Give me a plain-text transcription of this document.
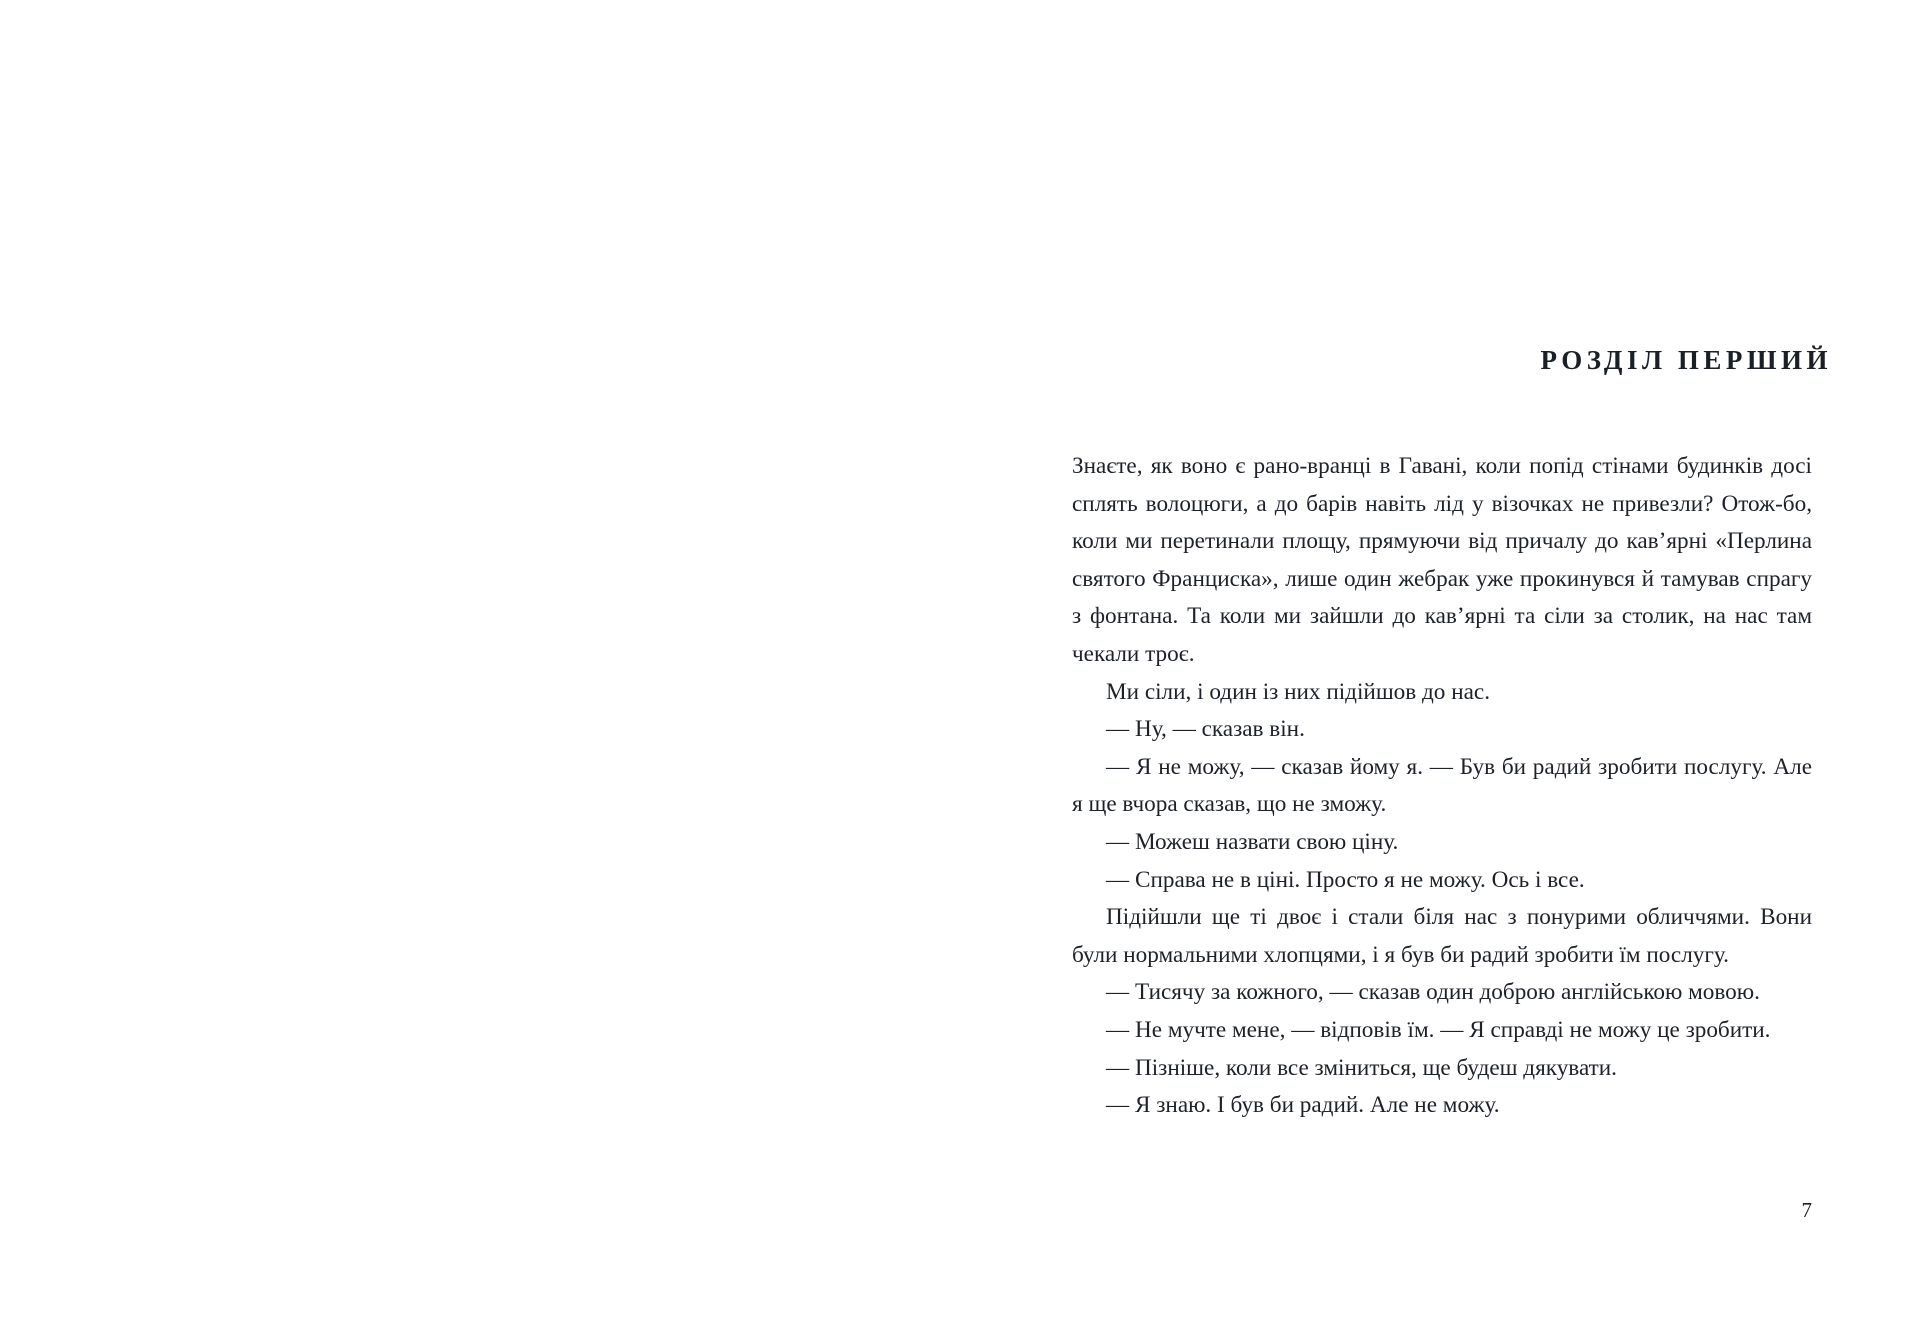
РОЗДІЛ ПЕРШИЙ

Знаєте, як воно є рано-вранці в Гавані, коли попід стінами будинків досі сплять волоцюги, а до барів навіть лід у візочках не привезли? Отож-бо, коли ми перетинали площу, прямуючи від причалу до кав’ярні «Перлина святого Франциска», лише один жебрак уже прокинувся й тамував спрагу з фонтана. Та коли ми зайшли до кав’ярні та сіли за столик, на нас там чекали троє.

Ми сіли, і один із них підійшов до нас.

— Ну, — сказав він.

— Я не можу, — сказав йому я. — Був би радий зробити послугу. Але я ще вчора сказав, що не зможу.

— Можеш назвати свою ціну.

— Справа не в ціні. Просто я не можу. Ось і все.

Підійшли ще ті двоє і стали біля нас з понурими обличчями. Вони були нормальними хлопцями, і я був би радий зробити їм послугу.

— Тисячу за кожного, — сказав один доброю англійською мовою.

— Не мучте мене, — відповів їм. — Я справді не можу це зробити.

— Пізніше, коли все зміниться, ще будеш дякувати.

— Я знаю. І був би радий. Але не можу.

7
